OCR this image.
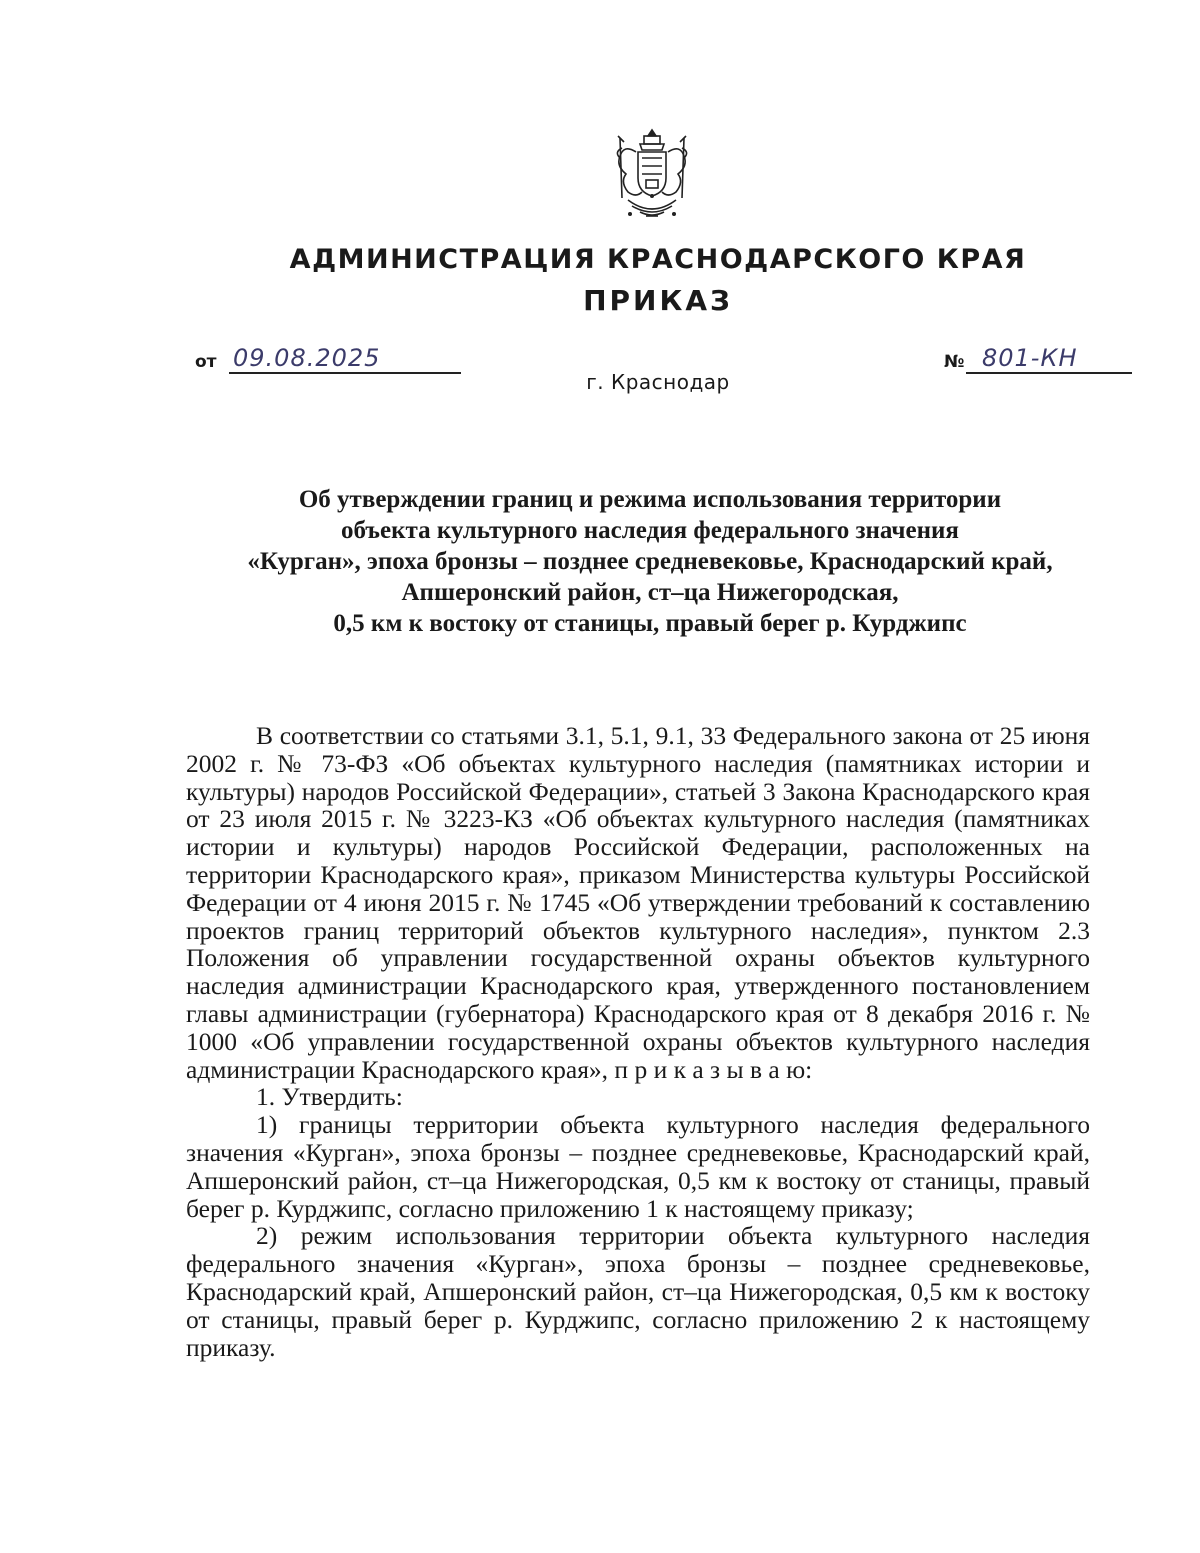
АДМИНИСТРАЦИЯ КРАСНОДАРСКОГО КРАЯ
ПРИКАЗ
от 09.08.2025	№ 801-КН
г. Краснодар
Об утверждении границ и режима использования территории
объекта культурного наследия федерального значения
«Курган», эпоха бронзы – позднее средневековье, Краснодарский край,
Апшеронский район, ст–ца Нижегородская,
0,5 км к востоку от станицы, правый берег р. Курджипс

В соответствии со статьями 3.1, 5.1, 9.1, 33 Федерального закона от 25 июня 2002 г. № 73-ФЗ «Об объектах культурного наследия (памятниках истории и культуры) народов Российской Федерации», статьей 3 Закона Краснодарского края от 23 июля 2015 г. № 3223-КЗ «Об объектах культурного наследия (памятниках истории и культуры) народов Российской Федерации, расположенных на территории Краснодарского края», приказом Министерства культуры Российской Федерации от 4 июня 2015 г. № 1745 «Об утверждении требований к составлению проектов границ территорий объектов культурного наследия», пунктом 2.3 Положения об управлении государственной охраны объектов культурного наследия администрации Краснодарского края, утвержденного постановлением главы администрации (губернатора) Краснодарского края от 8 декабря 2016 г. № 1000 «Об управлении государственной охраны объектов культурного наследия администрации Краснодарского края», п р и к а з ы в а ю:

1. Утвердить:

1) границы территории объекта культурного наследия федерального значения «Курган», эпоха бронзы – позднее средневековье, Краснодарский край, Апшеронский район, ст–ца Нижегородская, 0,5 км к востоку от станицы, правый берег р. Курджипс, согласно приложению 1 к настоящему приказу;

2) режим использования территории объекта культурного наследия федерального значения «Курган», эпоха бронзы – позднее средневековье, Краснодарский край, Апшеронский район, ст–ца Нижегородская, 0,5 км к востоку от станицы, правый берег р. Курджипс, согласно приложению 2 к настоящему приказу.
